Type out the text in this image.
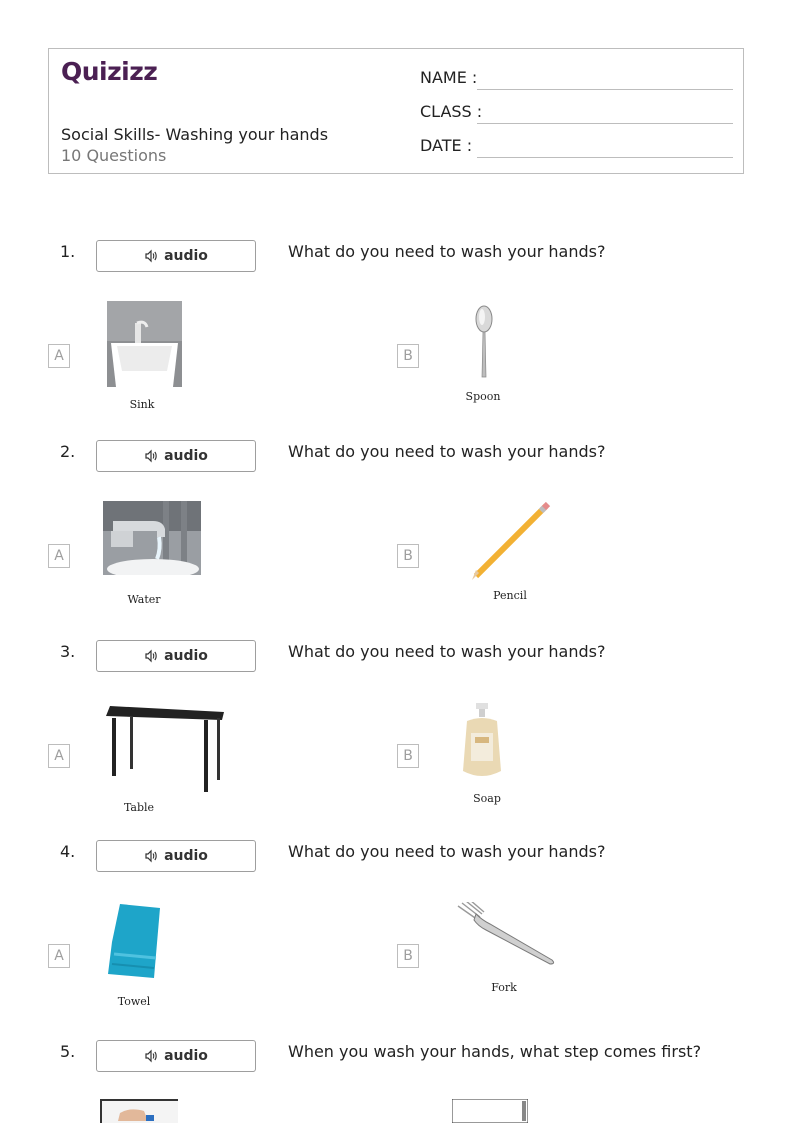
Quizizz
Social Skills- Washing your hands
10 Questions
NAME :
CLASS :
DATE :
1.	audio	What do you need to wash your hands?
A
Sink
B
Spoon
2.	audio	What do you need to wash your hands?
A
Water
B
Pencil
3.	audio	What do you need to wash your hands?
A
Table
B
Soap
4.	audio	What do you need to wash your hands?
A
Towel
B
Fork
5.	audio	When you wash your hands, what step comes first?
